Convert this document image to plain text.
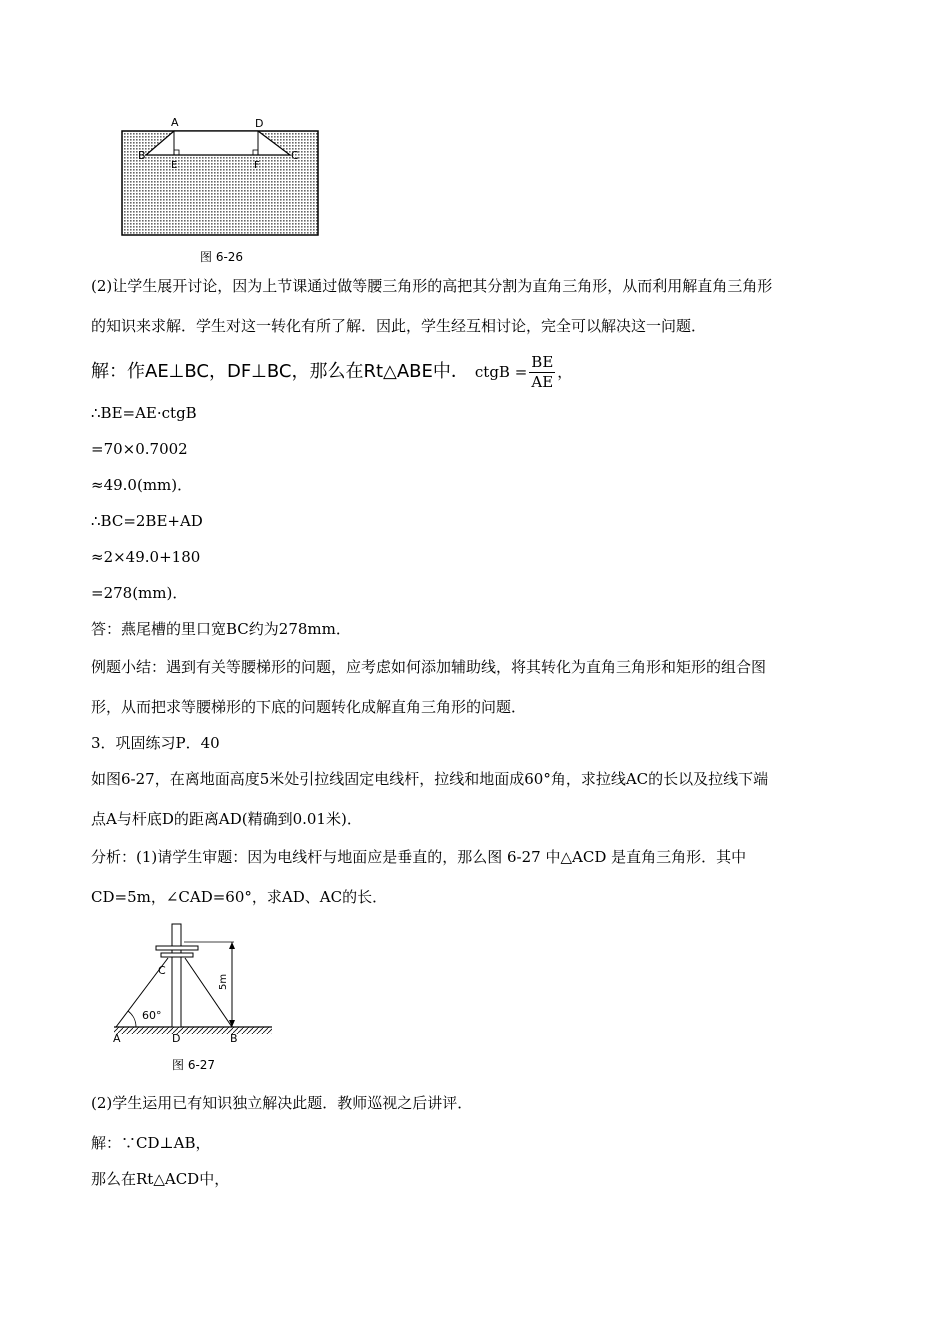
A	D
B	C
E	F
图 6-26
(2)让学生展开讨论，因为上节课通过做等腰三角形的高把其分割为直角三角形，从而利用解直角三角形
的知识来求解．学生对这一转化有所了解．因此，学生经互相讨论，完全可以解决这一问题．
解：作AE⊥BC，DF⊥BC，那么在Rt△ABE中． ctgB = $\frac{BE}{AE}$ ，
∴BE=AE·ctgB
=70×0.7002
≈49.0(mm)．
∴BC=2BE+AD
≈2×49.0+180
=278(mm)．
答：燕尾槽的里口宽BC约为278mm．
例题小结：遇到有关等腰梯形的问题，应考虑如何添加辅助线，将其转化为直角三角形和矩形的组合图
形，从而把求等腰梯形的下底的问题转化成解直角三角形的问题．
3．巩固练习P．40
如图6-27，在离地面高度5米处引拉线固定电线杆，拉线和地面成60°角，求拉线AC的长以及拉线下端
点A与杆底D的距离AD(精确到0.01米)．
分析：(1)请学生审题：因为电线杆与地面应是垂直的，那么图 6-27 中△ACD 是直角三角形．其中
CD=5m，∠CAD=60°，求AD、AC的长．
C
60°
5m
A	D	B
图 6-27
(2)学生运用已有知识独立解决此题．教师巡视之后讲评．
解：∵CD⊥AB，
那么在Rt△ACD中，
